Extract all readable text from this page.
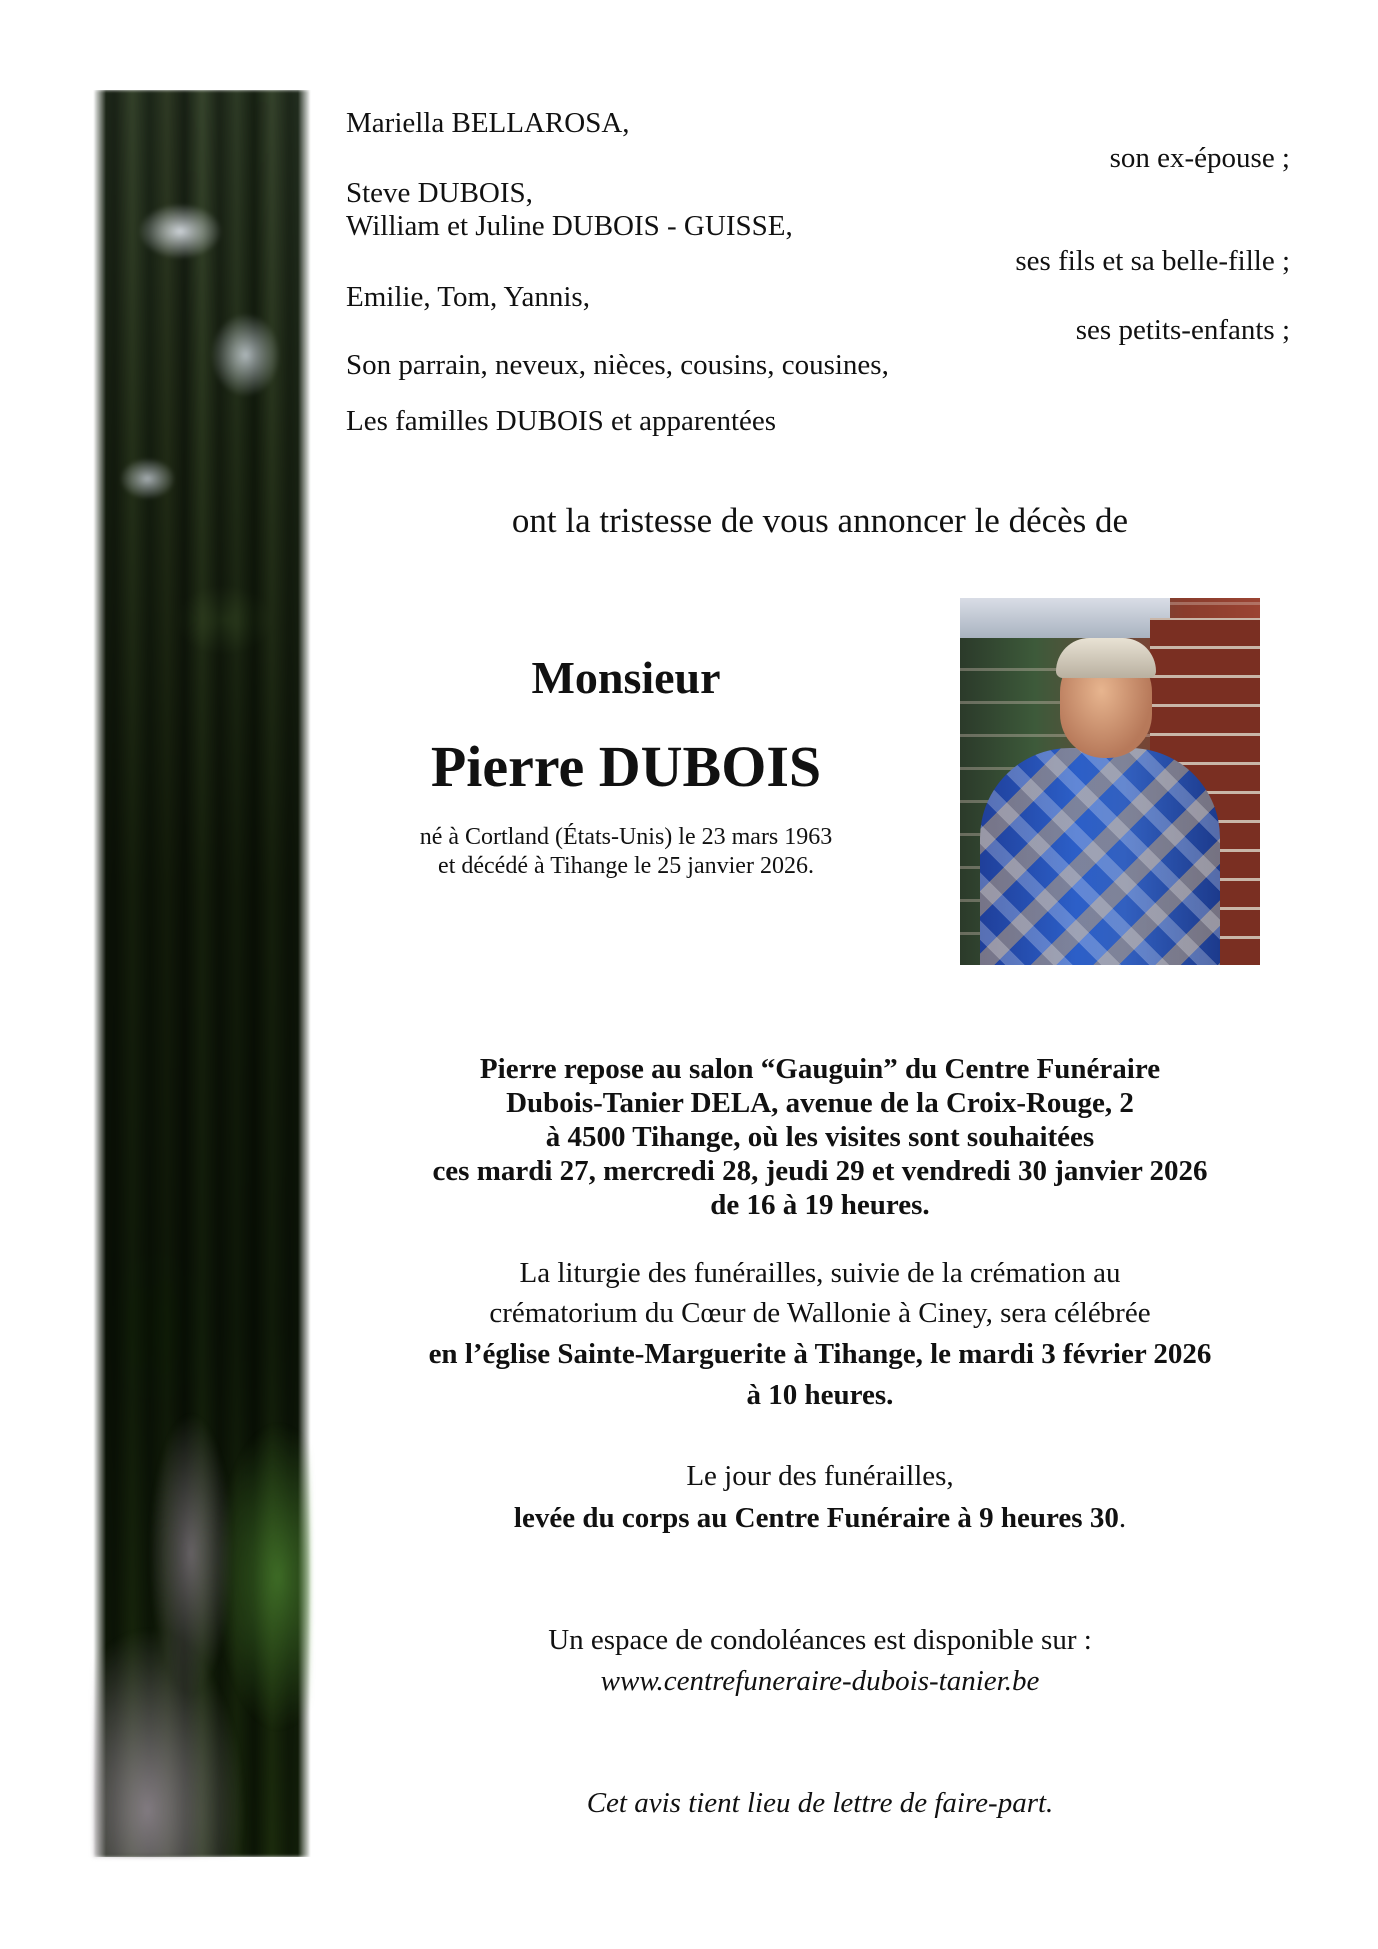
Mariella BELLAROSA,
son ex-épouse ;
Steve DUBOIS,
William et Juline DUBOIS - GUISSE,
ses fils et sa belle-fille ;
Emilie, Tom, Yannis,
ses petits-enfants ;
Son parrain, neveux, nièces, cousins, cousines,
Les familles DUBOIS et apparentées
ont la tristesse de vous annoncer le décès de
Monsieur
Pierre DUBOIS
né à Cortland (États-Unis) le 23 mars 1963
et décédé à Tihange le 25 janvier 2026.
Pierre repose au salon “Gauguin” du Centre Funéraire
Dubois-Tanier DELA, avenue de la Croix-Rouge, 2
à 4500 Tihange, où les visites sont souhaitées
ces mardi 27, mercredi 28, jeudi 29 et vendredi 30 janvier 2026
de 16 à 19 heures.
La liturgie des funérailles, suivie de la crémation au
crématorium du Cœur de Wallonie à Ciney, sera célébrée
en l’église Sainte-Marguerite à Tihange, le mardi 3 février 2026
à 10 heures.
Le jour des funérailles,
levée du corps au Centre Funéraire à 9 heures 30.
Un espace de condoléances est disponible sur :
www.centrefuneraire-dubois-tanier.be
Cet avis tient lieu de lettre de faire-part.
